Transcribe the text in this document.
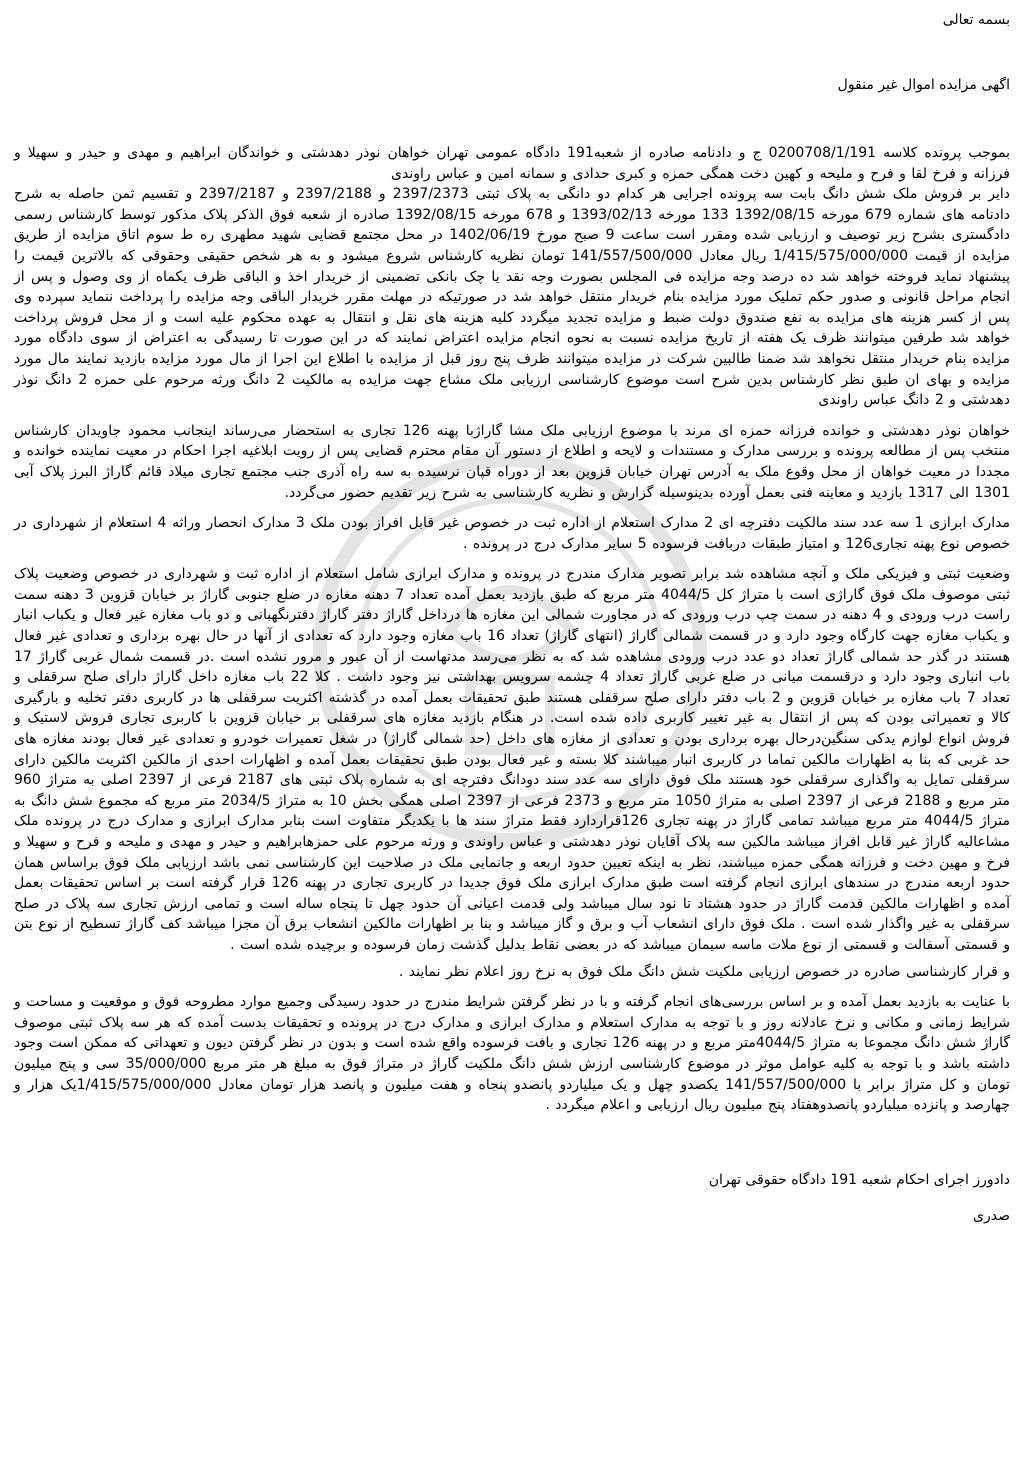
بسمه تعالی

اگهی مزایده اموال غیر منقول

بموجب پرونده کلاسه 0200708/1/191 ج و دادنامه صادره از شعبه191 دادگاه عمومی تهران خواهان نوذر دهدشتی و خواندگان ابراهیم و مهدی و حیدر و سهیلا و فرزانه و فرخ لقا و فرح و ملیحه و کهین دخت همگی حمزه و کبری حدادی و سمانه امین و عباس راوندی

دایر بر فروش ملک شش دانگ بابت سه پرونده اجرایی هر کدام دو دانگی به پلاک ثبتی 2397/2373 و 2397/2188 و 2397/2187 و تقسیم ثمن حاصله به شرح دادنامه های شماره 679 مورخه 1392/08/15 133 مورخه 1393/02/13 و 678 مورخه 1392/08/15 صادره از شعبه فوق الذکر پلاک مذکور توسط کارشناس رسمی دادگستری بشرح زیر توصیف و ارزیابی شده ومقرر است ساعت 9 صبح مورخ 1402/06/19 در محل مجتمع قضایی شهید مطهری ره ط سوم اتاق مزایده از طریق مزایده از قیمت 1/415/575/000/000 ریال معادل 141/557/500/000 تومان نظریه کارشناس شروع میشود و به هر شخص حقیقی وحقوقی که بالاترین قیمت را پیشنهاد نماید فروخته خواهد شد ده درصد وجه مزایده فی المجلس بصورت وجه نقد یا چک بانکی تضمینی از خریدار اخذ و الباقی ظرف یکماه از وی وصول و پس از انجام مراحل قانونی و صدور حکم تملیک مورد مزایده بنام خریدار منتقل خواهد شد در صورتیکه در مهلت مقرر خریدار الباقی وجه مزایده را پرداخت ننماید سپرده وی پس از کسر هزینه های مزایده به نفع صندوق دولت ضبط و مزایده تجدید میگردد کلیه هزینه های نقل و انتقال به عهده محکوم علیه است و از محل فروش پرداخت خواهد شد طرفین میتوانند ظرف یک هفته از تاریخ مزایده نسبت به نحوه انجام مزایده اعتراض نمایند که در این صورت تا رسیدگی به اعتراض از سوی دادگاه مورد مزایده بنام خریدار منتقل نخواهد شد ضمنا طالبین شرکت در مزایده میتوانند ظرف پنج روز قبل از مزایده با اطلاع این اجرا از مال مورد مزایده بازدید نمایند مال مورد مزایده و بهای ان طبق نظر کارشناس بدین شرح است موضوع کارشناسی ارزیابی ملک مشاع جهت مزایده به مالکیت 2 دانگ ورثه مرحوم علی حمزه 2 دانگ نوذر دهدشتی و 2 دانگ عباس راوندی

خواهان نوذر دهدشتی و خوانده فرزانه حمزه ای مرند با موضوع ارزیابی ملک مشا گاراژبا پهنه 126 تجاری به استحضار می‌رساند اینجانب محمود جاویدان کارشناس منتخب پس از مطالعه پرونده و بررسی مدارک و مستندات و لایحه و اطلاع از دستور آن مقام محترم قضایی پس از رویت ابلاغیه اجرا احکام در معیت نماینده خوانده و مجددا در معیت خواهان از محل وقوع ملک به آدرس تهران خیابان قزوین بعد از دوراه قپان نرسیده به سه راه آذری جنب مجتمع تجاری میلاد قائم گاراژ البرز پلاک آبی 1301 الی 1317 بازدید و معاینه فنی بعمل آورده بدینوسیله گزارش و نظریه کارشناسی به شرح زیر تقدیم حضور می‌گردد.

مدارک ابرازی 1 سه عدد سند مالکیت دفترچه ای 2 مدارک استعلام از اداره ثبت در خصوص غیر قابل افراز بودن ملک 3 مدارک انحصار وراثه 4 استعلام از شهرداری در خصوص نوع پهنه تجاری126 و امتیاز طبقات دربافت فرسوده 5 سایر مدارک درج در پرونده .

وضعیت ثبتی و فیزیکی ملک و آنچه مشاهده شد برابر تصویر مدارک مندرج در پرونده و مدارک ابرازی شامل استعلام از اداره ثبت و شهرداری در خصوص وضعیت پلاک ثبتی موصوف ملک فوق گاراژی است با متراژ کل 4044/5 متر مربع که طبق بازدید بعمل آمده تعداد 7 دهنه مغازه در ضلع جنوبی گاراژ بر خیابان قزوین 3 دهنه سمت راست درب ورودی و 4 دهنه در سمت چپ درب ورودی که در مجاورت شمالی این مغازه ها درداخل گاراژ دفتر گاراژ دفترنگهبانی و دو باب مغازه غیر فعال و یکباب انبار و یکباب مغازه جهت کارگاه وجود دارد و در قسمت شمالی گاراژ (انتهای گاراژ) تعداد 16 باب مغازه وجود دارد که تعدادی از آنها در حال بهره برداری و تعدادی غیر فعال هستند در گذر حد شمالی گاراژ تعداد دو عدد درب ورودی مشاهده شد که به نظر می‌رسد مدتهاست از آن عبور و مرور نشده است .در قسمت شمال غربی گاراژ 17 باب انباری وجود دارد و درقسمت میانی در ضلع غربی گاراژ تعداد 4 چشمه سرویس بهداشتی نیز وجود داشت . کلا 22 باب مغازه داخل گاراژ دارای صلح سرقفلی و تعداد 7 باب مغازه بر خیابان قزوین و 2 باب دفتر دارای صلح سرقفلی هستند طبق تحقیقات بعمل آمده در گذشته اکثریت سرقفلی ها در کاربری دفتر تخلیه و بارگیری کالا و تعمیراتی بودن که پس از انتقال به غیر تغییر کاربری داده شده است. در هنگام بازدید مغازه های سرقفلی بر خیابان قزوین با کاربری تجاری فروش لاستیک و فروش انواع لوازم یدکی سنگین‌درحال بهره برداری بودن و تعدادی از مغازه های داخل (حد شمالی گاراژ) در شغل تعمیرات خودرو و تعدادی غیر فعال بودند مغازه های حد غربی که بنا به اظهارات مالکین تماما در کاربری انبار میباشند کلا بسته و غیر فعال بودن طبق تحقیقات بعمل آمده و اظهارات احدی از مالکین اکثریت مالکین دارای سرقفلی تمایل به واگذاری سرقفلی خود هستند ملک فوق دارای سه عدد سند دودانگ دفترچه ای به شماره پلاک ثبتی های 2187 فرعی از 2397 اصلی به متراژ 960 متر مربع و 2188 فرعی از 2397 اصلی به متراژ 1050 متر مربع و 2373 فرعی از 2397 اصلی همگی بخش 10 به متراژ 2034/5 متر مربع که مجموع شش دانگ به متراژ 4044/5 متر مربع میباشد تمامی گاراژ در پهنه تجاری 126قراردارد فقط متراژ سند ها با یکدیگر متفاوت است بنابر مدارک ابرازی و مدارک درج در پرونده ملک مشاعالیه گاراژ غیر قابل افراز میباشد مالکین سه پلاک آقایان نوذر دهدشتی و عباس راوندی و ورثه مرحوم علی حمزهابراهیم و حیدر و مهدی و ملیحه و فرح و سهیلا و فرخ و مهین دخت و فرزانه همگی حمزه میباشند، نظر به اینکه تعیین حدود اربعه و جانمایی ملک در صلاحیت این کارشناسی نمی باشد ارزیابی ملک فوق براساس همان حدود اربعه مندرج در سندهای ابرازی انجام گرفته است طبق مدارک ابرازی ملک فوق جدیدا در کاربری تجاری در پهنه 126 قرار گرفته است بر اساس تحقیقات بعمل آمده و اظهارات مالکین قدمت گاراژ در حدود هشتاد تا نود سال میباشد ولی قدمت اعیانی آن حدود چهل تا پنجاه ساله است و تمامی ارزش تجاری سه پلاک در صلح سرقفلی به غیر واگذار شده است . ملک فوق دارای انشعاب آب و برق و گاز میباشد و بنا بر اظهارات مالکین انشعاب برق آن مجزا میباشد کف گاراژ تسطیح از نوع بتن و قسمتی آسفالت و قسمتی از نوع ملات ماسه سیمان میباشد که در بعضی نقاط بدلیل گذشت زمان فرسوده و برچیده شده است .

و قرار کارشناسی صادره در خصوص ارزیابی ملکیت شش دانگ ملک فوق به نرخ روز اعلام نظر نمایند .

با عنایت به بازدید بعمل آمده و بر اساس بررسی‌های انجام گرفته و با در نظر گرفتن شرایط مندرج در حدود رسیدگی وجمیع موارد مطروحه فوق و موقعیت و مساحت و شرایط زمانی و مکانی و نرخ عادلانه روز و با توجه به مدارک استعلام و مدارک ابرازی و مدارک درج در پرونده و تحقیقات بدست آمده که هر سه پلاک ثبتی موصوف گاراژ شش دانگ مجموعا به متراژ 4044/5متر مربع و در پهنه 126 تجاری و بافت فرسوده واقع شده است و بدون در نظر گرفتن دیون و تعهداتی که ممکن است وجود داشته باشد و با توجه به کلیه عوامل موثر در موضوع کارشناسی ارزش شش دانگ ملکیت گاراژ در متراژ فوق به مبلغ هر متر مربع 35/000/000 سی و پنج میلیون تومان و کل متراژ برابر با 141/557/500/000 یکصدو چهل و یک میلیاردو پانصدو پنجاه و هفت میلیون و پانصد هزار تومان معادل 1/415/575/000/000یک هزار و چهارصد و پانزده میلیاردو پانصدوهفتاد پنج میلیون ریال ارزیابی و اعلام میگردد .

دادورز اجرای احکام شعبه 191 دادگاه حقوقی تهران

صدری
